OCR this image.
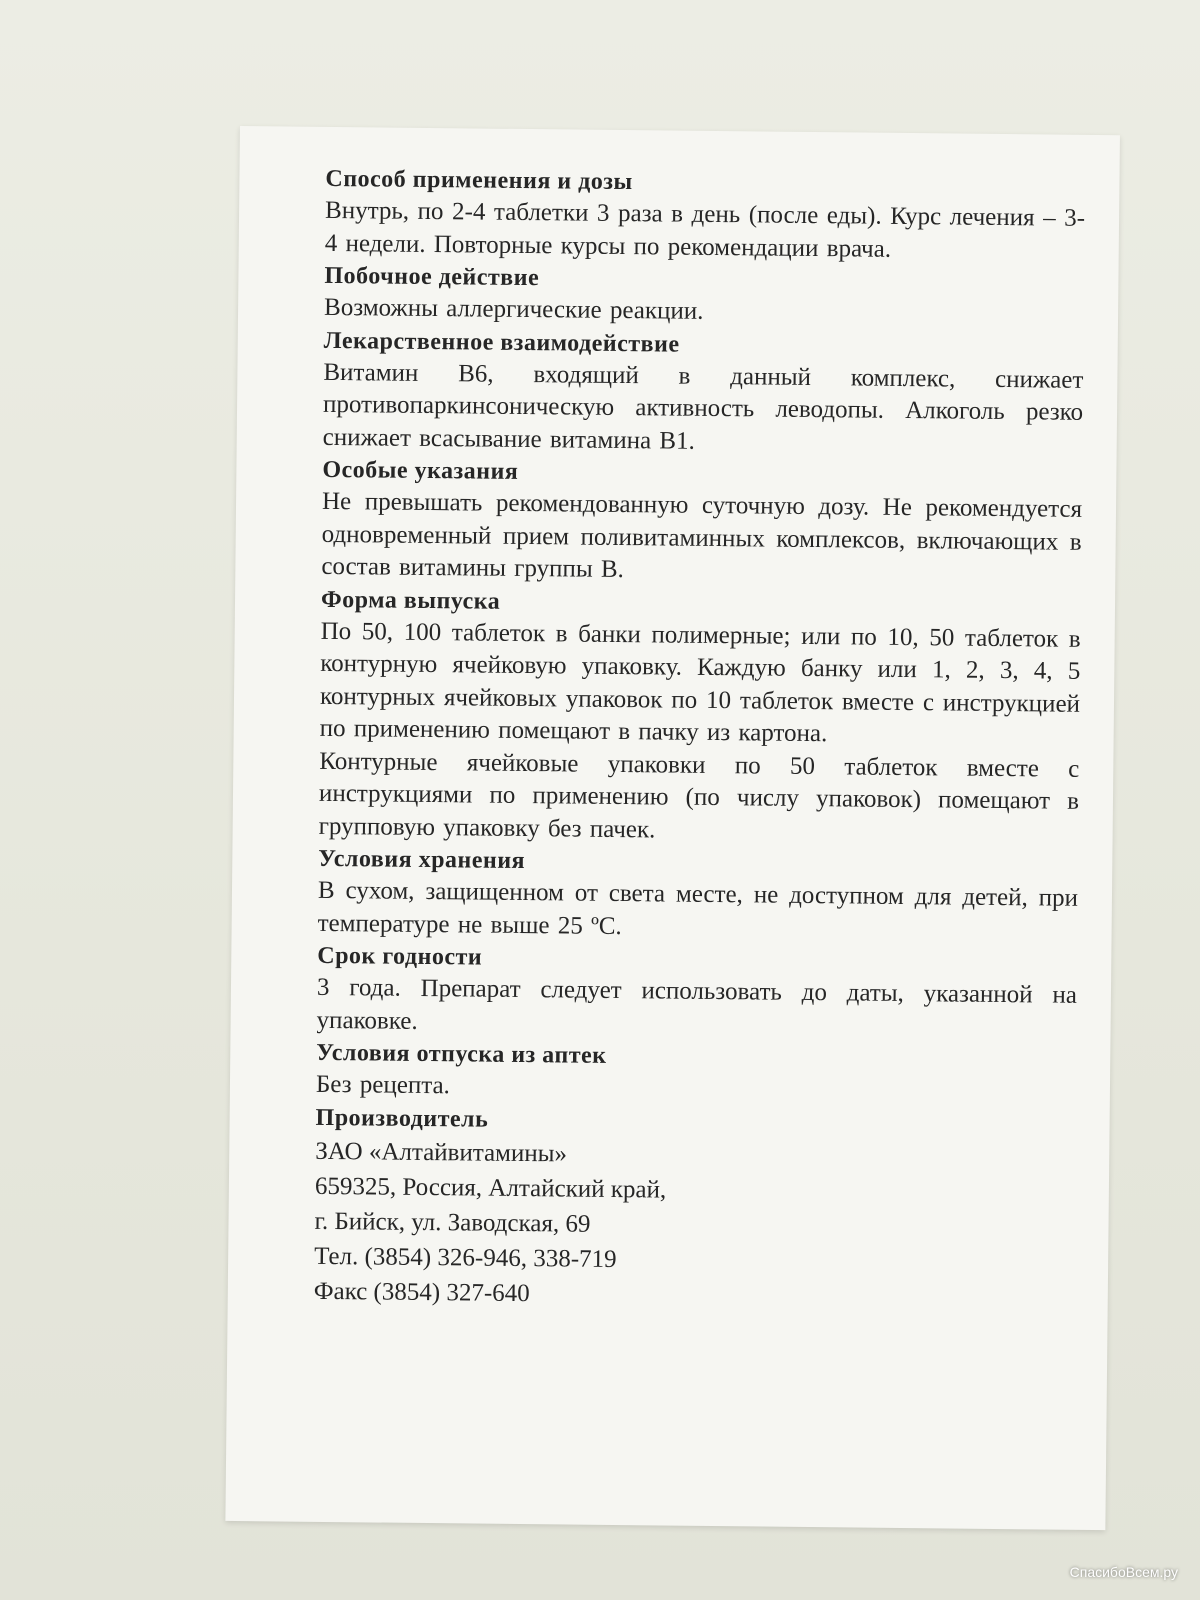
Способ применения и дозы

Внутрь, по 2-4 таблетки 3 раза в день (после еды). Курс лечения – 3-4 недели. Повторные курсы по рекомендации врача.

Побочное действие

Возможны аллергические реакции.

Лекарственное взаимодействие

Витамин В6, входящий в данный комплекс, снижает противопаркинсоническую активность леводопы. Алкоголь резко снижает всасывание витамина В1.

Особые указания

Не превышать рекомендованную суточную дозу. Не рекомендуется одновременный прием поливитаминных комплексов, включающих в состав витамины группы В.

Форма выпуска

По 50, 100 таблеток в банки полимерные; или по 10, 50 таблеток в контурную ячейковую упаковку. Каждую банку или 1, 2, 3, 4, 5 контурных ячейковых упаковок по 10 таблеток вместе с инструкцией по применению помещают в пачку из картона.

Контурные ячейковые упаковки по 50 таблеток вместе с инструкциями по применению (по числу упаковок) помещают в групповую упаковку без пачек.

Условия хранения

В сухом, защищенном от света месте, не доступном для детей, при температуре не выше 25 ºС.

Срок годности

3 года. Препарат следует использовать до даты, указанной на упаковке.

Условия отпуска из аптек

Без рецепта.

Производитель

ЗАО «Алтайвитамины»

659325, Россия, Алтайский край,

г. Бийск, ул. Заводская, 69

Тел. (3854) 326-946, 338-719

Факс (3854) 327-640

СпасибоВсем.ру
